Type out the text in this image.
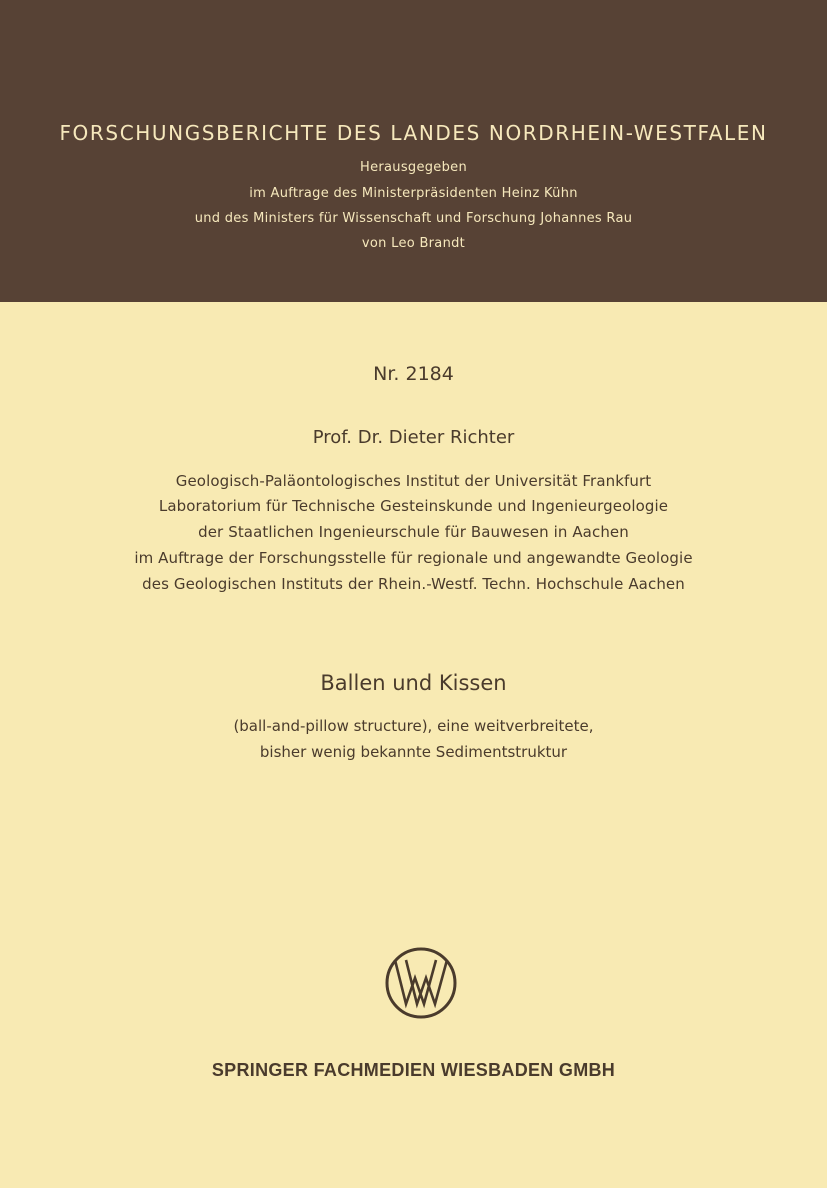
FORSCHUNGSBERICHTE DES LANDES NORDRHEIN-WESTFALEN
Herausgegeben
im Auftrage des Ministerpräsidenten Heinz Kühn
und des Ministers für Wissenschaft und Forschung Johannes Rau
von Leo Brandt
Nr. 2184
Prof. Dr. Dieter Richter
Geologisch-Paläontologisches Institut der Universität Frankfurt
Laboratorium für Technische Gesteinskunde und Ingenieurgeologie
der Staatlichen Ingenieurschule für Bauwesen in Aachen
im Auftrage der Forschungsstelle für regionale und angewandte Geologie
des Geologischen Instituts der Rhein.-Westf. Techn. Hochschule Aachen
Ballen und Kissen
(ball-and-pillow structure), eine weitverbreitete,
bisher wenig bekannte Sedimentstruktur
SPRINGER FACHMEDIEN WIESBADEN GMBH
